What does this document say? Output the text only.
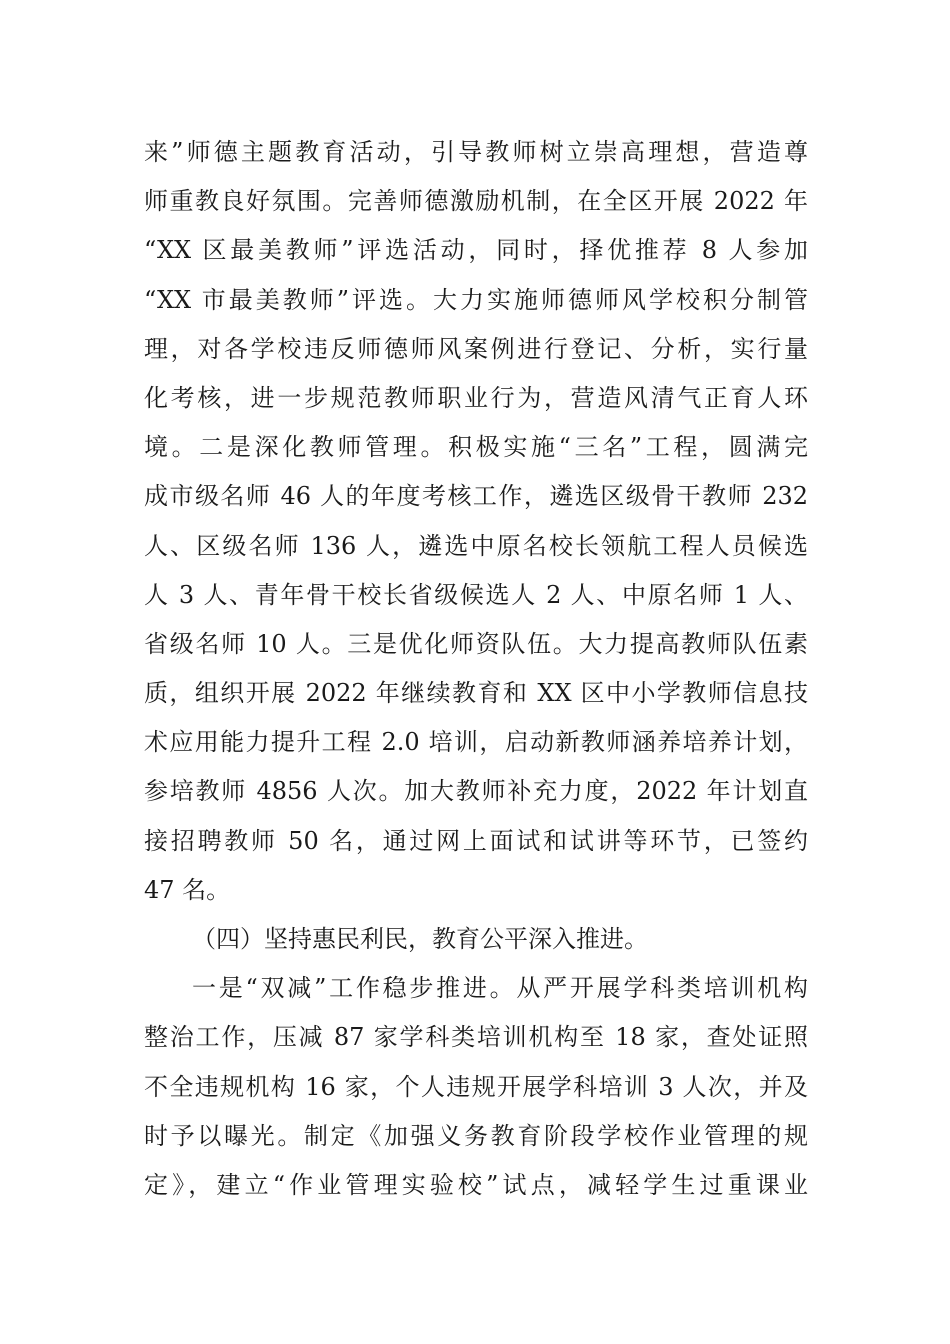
来”师德主题教育活动，引导教师树立崇高理想，营造尊
师重教良好氛围。完善师德激励机制，在全区开展 2022 年
“XX 区最美教师”评选活动，同时，择优推荐 8 人参加
“XX 市最美教师”评选。大力实施师德师风学校积分制管
理，对各学校违反师德师风案例进行登记、分析，实行量
化考核，进一步规范教师职业行为，营造风清气正育人环
境。二是深化教师管理。积极实施“三名”工程，圆满完
成市级名师 46 人的年度考核工作，遴选区级骨干教师 232
人、区级名师 136 人，遴选中原名校长领航工程人员候选
人 3 人、青年骨干校长省级候选人 2 人、中原名师 1 人、
省级名师 10 人。三是优化师资队伍。大力提高教师队伍素
质，组织开展 2022 年继续教育和 XX 区中小学教师信息技
术应用能力提升工程 2.0 培训，启动新教师涵养培养计划，
参培教师 4856 人次。加大教师补充力度，2022 年计划直
接招聘教师 50 名，通过网上面试和试讲等环节，已签约
47 名。
（四）坚持惠民利民，教育公平深入推进。
一是“双减”工作稳步推进。从严开展学科类培训机构
整治工作，压减 87 家学科类培训机构至 18 家，查处证照
不全违规机构 16 家，个人违规开展学科培训 3 人次，并及
时予以曝光。制定《加强义务教育阶段学校作业管理的规
定》，建立“作业管理实验校”试点，减轻学生过重课业
